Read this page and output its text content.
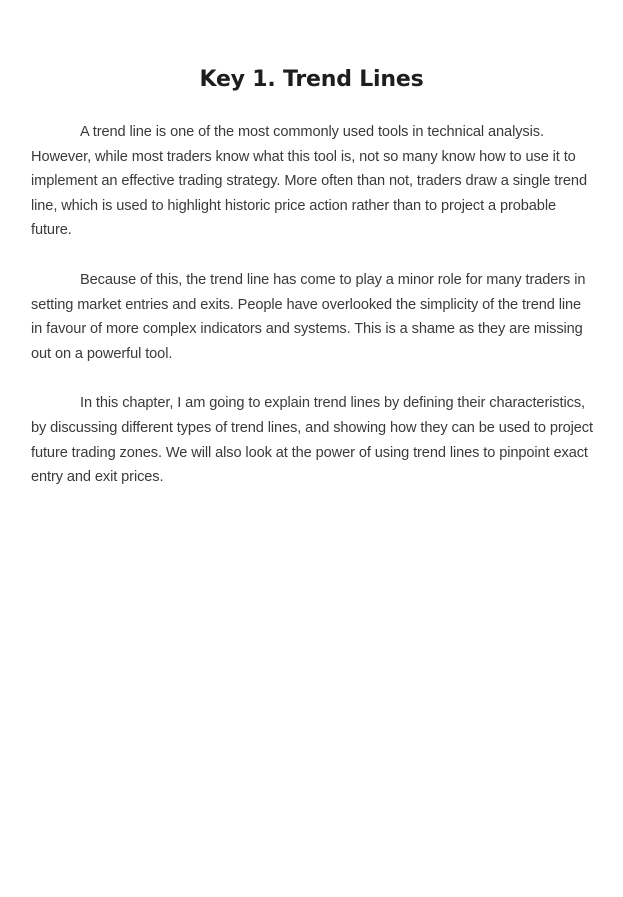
Key 1. Trend Lines

A trend line is one of the most commonly used tools in technical analysis. However, while most traders know what this tool is, not so many know how to use it to implement an effective trading strategy. More often than not, traders draw a single trend line, which is used to highlight historic price action rather than to project a probable future.

Because of this, the trend line has come to play a minor role for many traders in setting market entries and exits. People have overlooked the simplicity of the trend line in favour of more complex indicators and systems. This is a shame as they are missing out on a powerful tool.

In this chapter, I am going to explain trend lines by defining their characteristics, by discussing different types of trend lines, and showing how they can be used to project future trading zones. We will also look at the power of using trend lines to pinpoint exact entry and exit prices.
